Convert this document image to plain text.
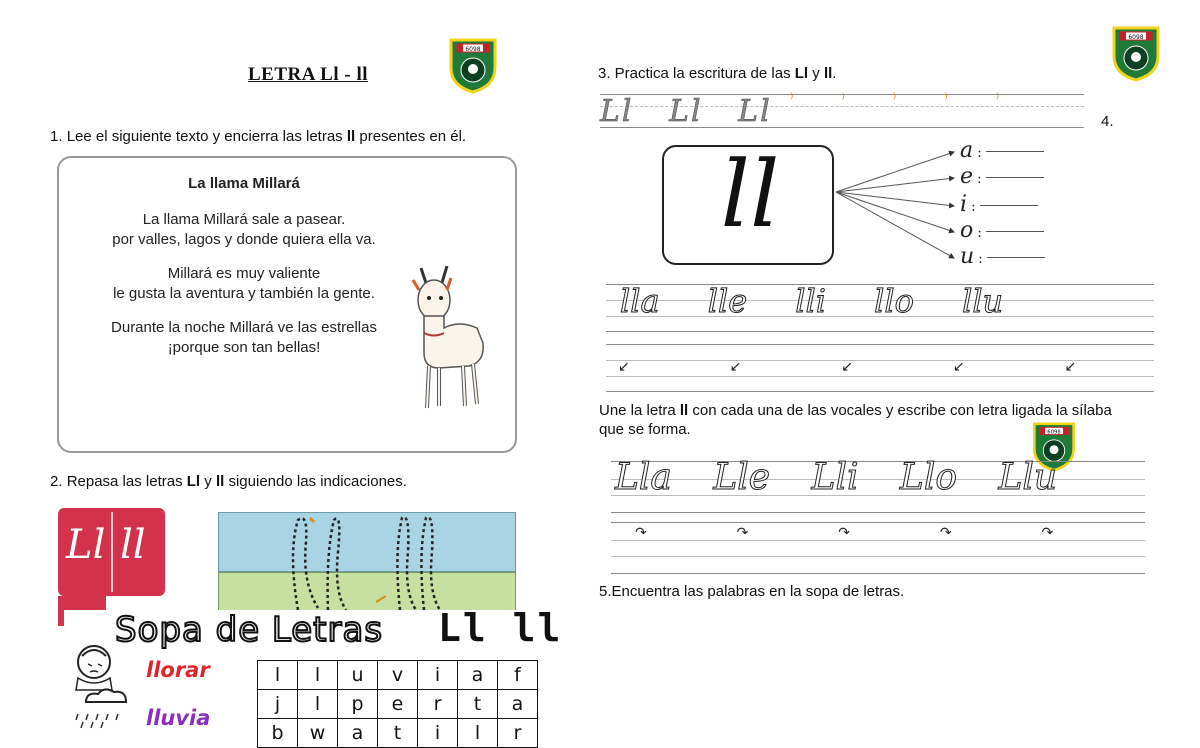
LETRA Ll - ll
6098
1. Lee el siguiente texto y encierra las letras ll presentes en él.
La llama Millará
La llama Millará sale a pasear.
por valles, lagos y donde quiera ella va.
Millará es muy valiente
le gusta la aventura y también la gente.
Durante la noche Millará ve las estrellas
¡porque son tan bellas!
2. Repasa las letras Ll y ll siguiendo las indicaciones.
Ll ll
Sopa de Letras Ll ll
llorar
lluvia
l	l	u	v	i	a	f
j	l	p	e	r	t	a
b	w	a	t	i	l	r
3. Practica la escritura de las Ll y ll.
6098
Ll Ll Ll ⁾⁾⁾⁾⁾
4.
ll	a :
e :
i :
o :
u :
lla lle lli llo llu
↙ ↙ ↙ ↙ ↙
Une la letra ll con cada una de las vocales y escribe con letra ligada la sílaba que se forma.	6098
Lla Lle Lli Llo Llu
↷ ↷ ↷ ↷ ↷
5.Encuentra las palabras en la sopa de letras.
